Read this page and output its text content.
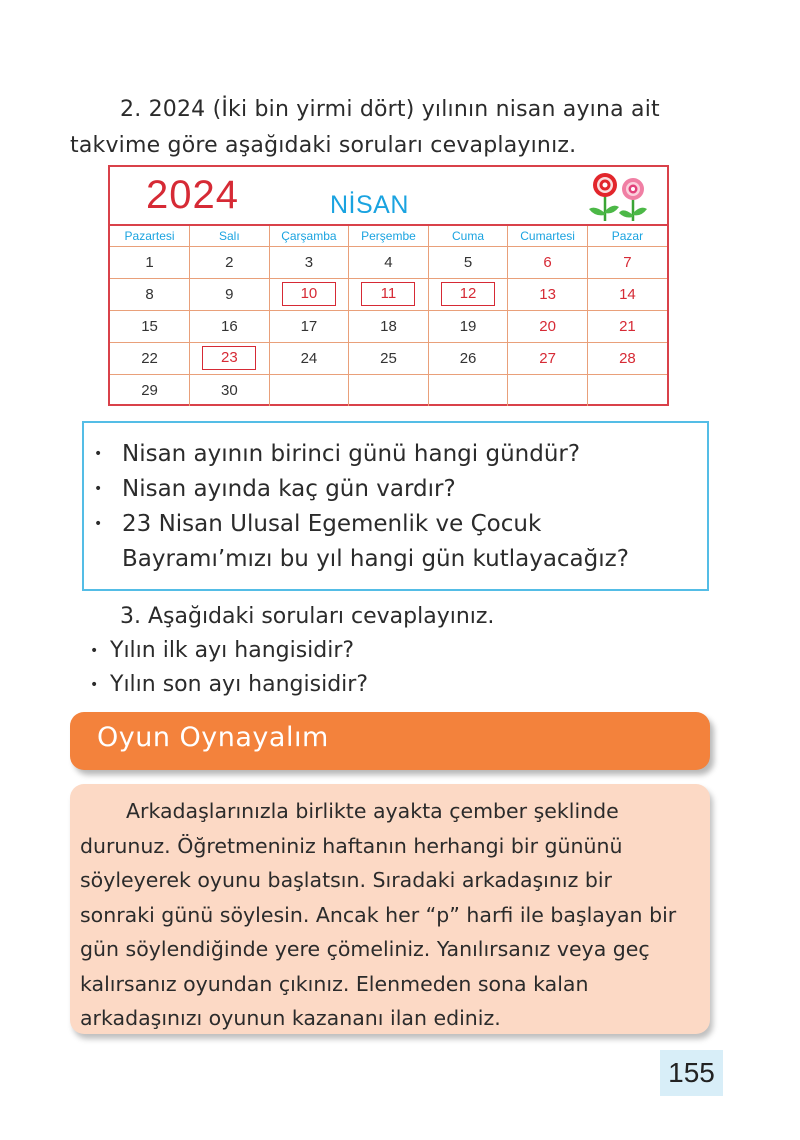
2. 2024 (İki bin yirmi dört) yılının nisan ayına ait
takvime göre aşağıdaki soruları cevaplayınız.
2024	NİSAN
Pazartesi	Salı	Çarşamba	Perşembe	Cuma	Cumartesi	Pazar
1	2	3	4	5	6	7
8	9	10	11	12	13	14
15	16	17	18	19	20	21
22	23	24	25	26	27	28
29	30					
• Nisan ayının birinci günü hangi gündür?
• Nisan ayında kaç gün vardır?
• 23 Nisan Ulusal Egemenlik ve Çocuk Bayramı’mızı bu yıl hangi gün kutlayacağız?
3. Aşağıdaki soruları cevaplayınız.
• Yılın ilk ayı hangisidir?
• Yılın son ayı hangisidir?
Oyun Oynayalım

Arkadaşlarınızla birlikte ayakta çember şeklinde durunuz. Öğretmeniniz haftanın herhangi bir gününü söyleyerek oyunu başlatsın. Sıradaki arkadaşınız bir sonraki günü söylesin. Ancak her “p” harfi ile başlayan bir gün söylendiğinde yere çömeliniz. Yanılırsanız veya geç kalırsanız oyundan çıkınız. Elenmeden sona kalan arkadaşınızı oyunun kazananı ilan ediniz.

155
